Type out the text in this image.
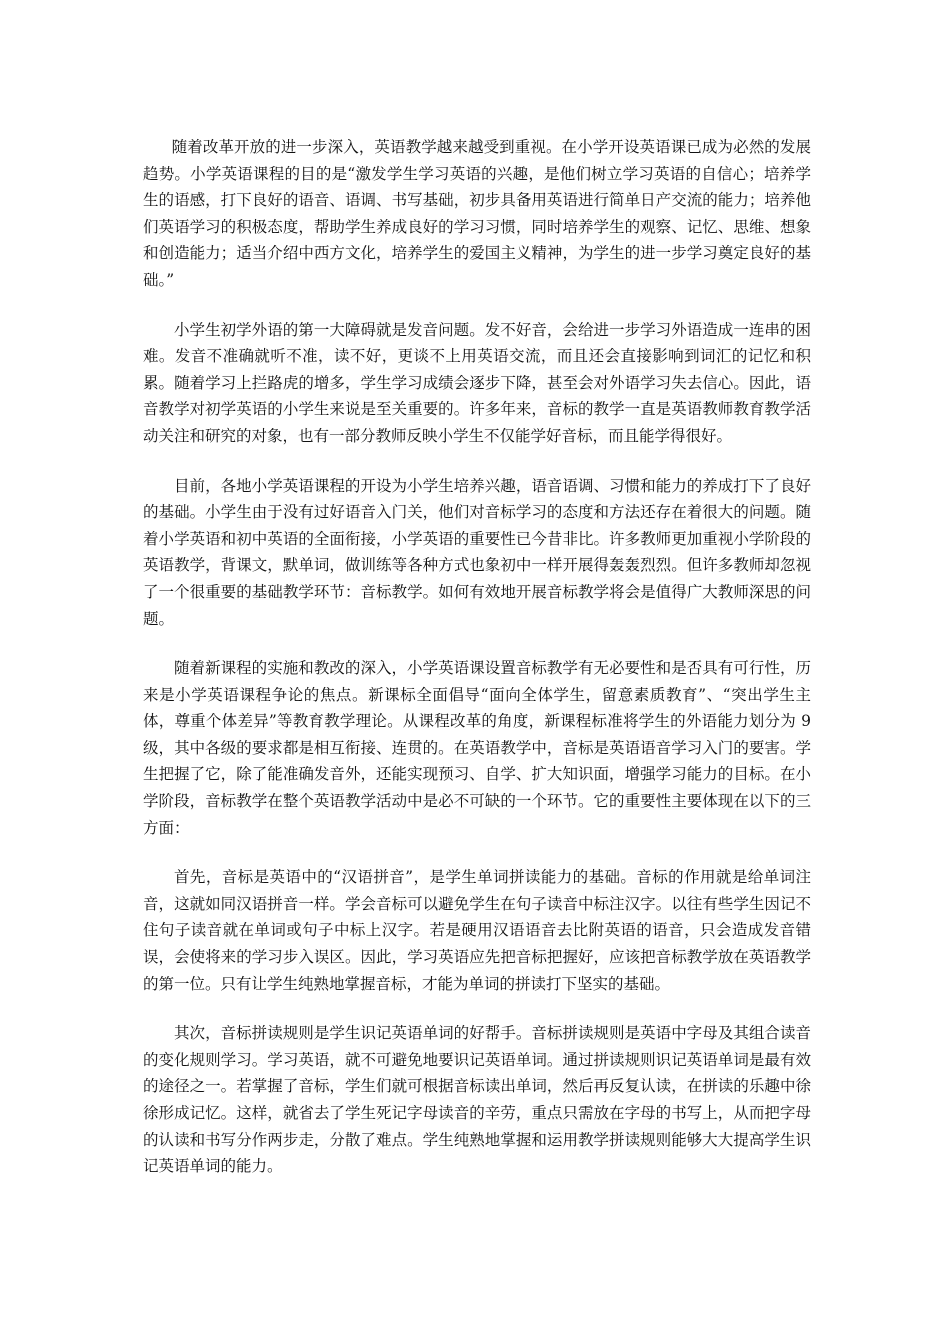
随着改革开放的进一步深入，英语教学越来越受到重视。在小学开设英语课已成为必然的发展趋势。小学英语课程的目的是“激发学生学习英语的兴趣，是他们树立学习英语的自信心；培养学生的语感，打下良好的语音、语调、书写基础，初步具备用英语进行简单日产交流的能力；培养他们英语学习的积极态度，帮助学生养成良好的学习习惯，同时培养学生的观察、记忆、思维、想象和创造能力；适当介绍中西方文化，培养学生的爱国主义精神，为学生的进一步学习奠定良好的基础。”

小学生初学外语的第一大障碍就是发音问题。发不好音，会给进一步学习外语造成一连串的困难。发音不准确就听不准，读不好，更谈不上用英语交流，而且还会直接影响到词汇的记忆和积累。随着学习上拦路虎的增多，学生学习成绩会逐步下降，甚至会对外语学习失去信心。因此，语音教学对初学英语的小学生来说是至关重要的。许多年来，音标的教学一直是英语教师教育教学活动关注和研究的对象，也有一部分教师反映小学生不仅能学好音标，而且能学得很好。

目前，各地小学英语课程的开设为小学生培养兴趣，语音语调、习惯和能力的养成打下了良好的基础。小学生由于没有过好语音入门关，他们对音标学习的态度和方法还存在着很大的问题。随着小学英语和初中英语的全面衔接，小学英语的重要性已今昔非比。许多教师更加重视小学阶段的英语教学，背课文，默单词，做训练等各种方式也象初中一样开展得轰轰烈烈。但许多教师却忽视了一个很重要的基础教学环节：音标教学。如何有效地开展音标教学将会是值得广大教师深思的问题。

随着新课程的实施和教改的深入，小学英语课设置音标教学有无必要性和是否具有可行性，历来是小学英语课程争论的焦点。新课标全面倡导“面向全体学生，留意素质教育”、“突出学生主体，尊重个体差异”等教育教学理论。从课程改革的角度，新课程标准将学生的外语能力划分为 9 级，其中各级的要求都是相互衔接、连贯的。在英语教学中，音标是英语语音学习入门的要害。学生把握了它，除了能准确发音外，还能实现预习、自学、扩大知识面，增强学习能力的目标。在小学阶段，音标教学在整个英语教学活动中是必不可缺的一个环节。它的重要性主要体现在以下的三方面：

首先，音标是英语中的“汉语拼音”，是学生单词拼读能力的基础。音标的作用就是给单词注音，这就如同汉语拼音一样。学会音标可以避免学生在句子读音中标注汉字。以往有些学生因记不住句子读音就在单词或句子中标上汉字。若是硬用汉语语音去比附英语的语音，只会造成发音错误，会使将来的学习步入误区。因此，学习英语应先把音标把握好，应该把音标教学放在英语教学的第一位。只有让学生纯熟地掌握音标，才能为单词的拼读打下坚实的基础。

其次，音标拼读规则是学生识记英语单词的好帮手。音标拼读规则是英语中字母及其组合读音的变化规则学习。学习英语，就不可避免地要识记英语单词。通过拼读规则识记英语单词是最有效的途径之一。若掌握了音标，学生们就可根据音标读出单词，然后再反复认读，在拼读的乐趣中徐徐形成记忆。这样，就省去了学生死记字母读音的辛劳，重点只需放在字母的书写上，从而把字母的认读和书写分作两步走，分散了难点。学生纯熟地掌握和运用教学拼读规则能够大大提高学生识记英语单词的能力。
